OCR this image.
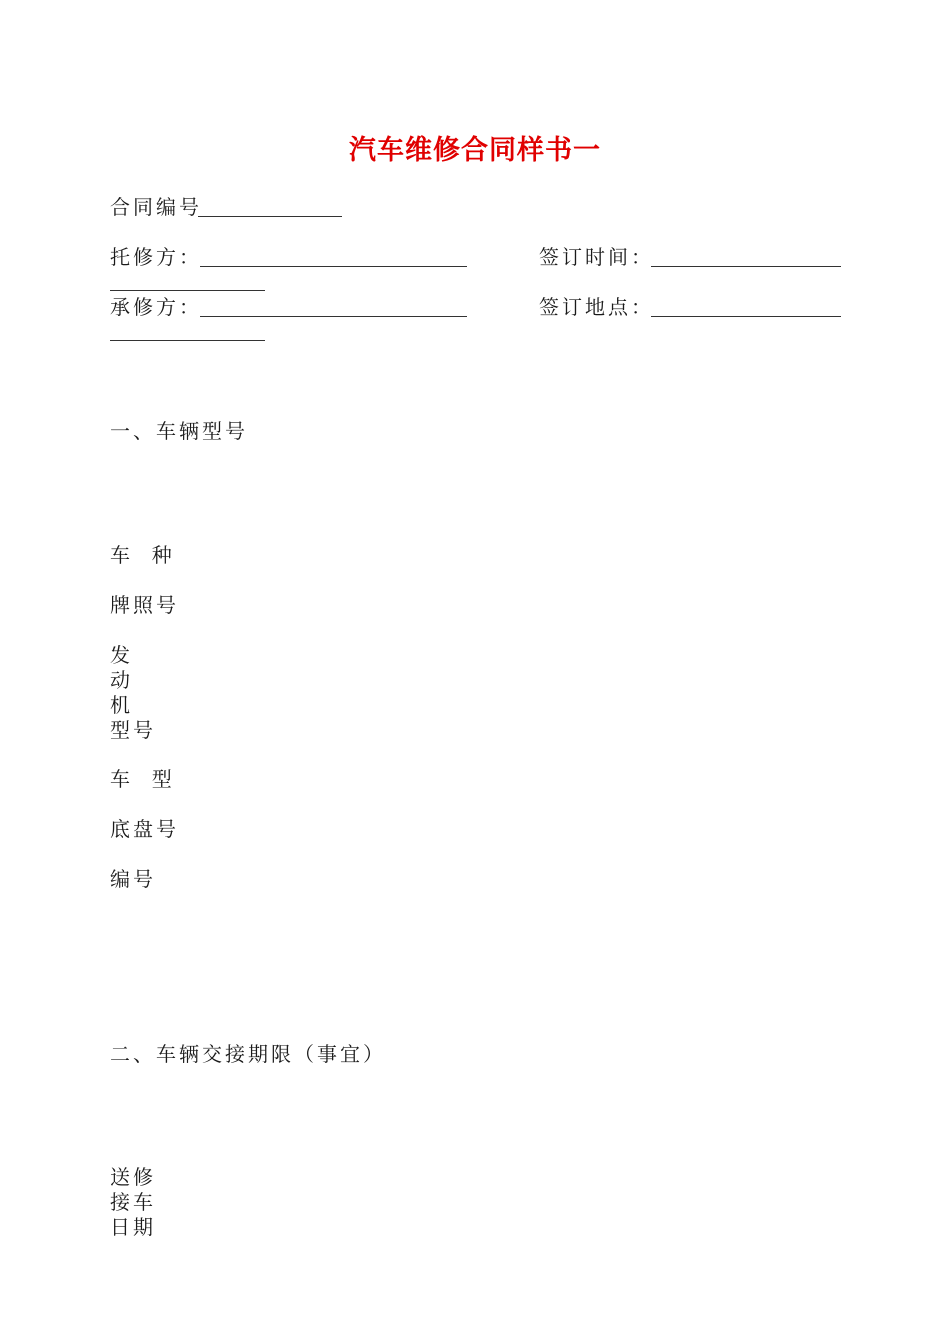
汽车维修合同样书一
合同编号
托修方：	签订时间：
承修方：	签订地点：
一、车辆型号
车  种
牌照号
发
动
机
型号
车  型
底盘号
编号
二、车辆交接期限（事宜）
送修
接车
日期
